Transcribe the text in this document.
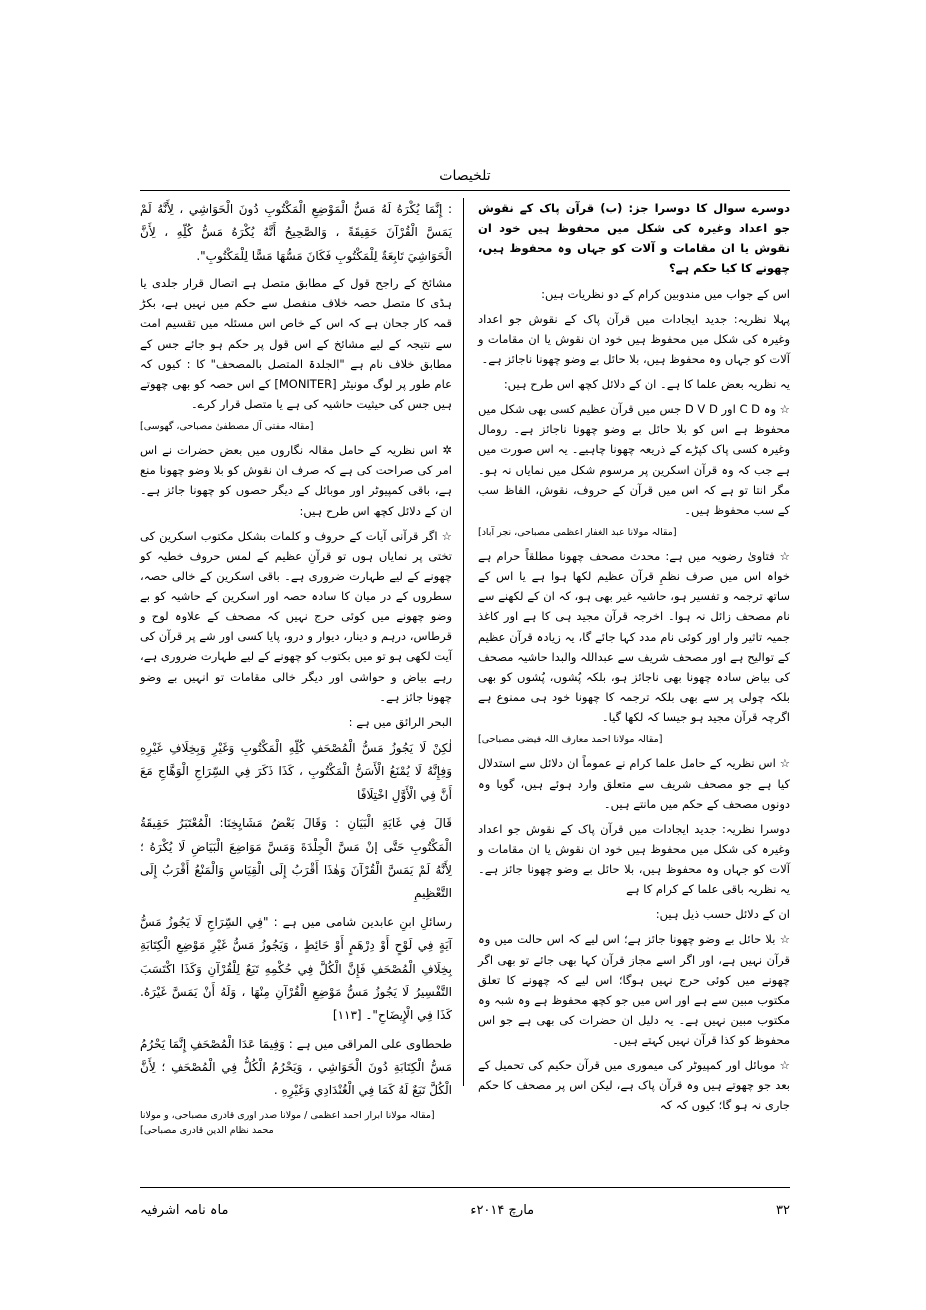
تلخیصات

دوسرے سوال کا دوسرا جز: (ب) قرآن پاک کے نقوش جو اعداد وغیرہ کی شکل میں محفوظ ہیں خود ان نقوش یا ان مقامات و آلات کو جہاں وہ محفوظ ہیں، چھونے کا کیا حکم ہے؟

اس کے جواب میں مندوبین کرام کے دو نظریات ہیں:

پہلا نظریہ: جدید ایجادات میں قرآن پاک کے نقوش جو اعداد وغیرہ کی شکل میں محفوظ ہیں خود ان نقوش یا ان مقامات و آلات کو جہاں وہ محفوظ ہیں، بلا حائل بے وضو چھونا ناجائز ہے۔

یہ نظریہ بعض علما کا ہے۔ ان کے دلائل کچھ اس طرح ہیں:

☆ وہ C D اور D V D جس میں قرآن عظیم کسی بھی شکل میں محفوظ ہے اس کو بلا حائل بے وضو چھونا ناجائز ہے۔ رومال وغیرہ کسی پاک کپڑے کے ذریعہ چھونا چاہیے۔ یہ اس صورت میں ہے جب کہ وہ قرآن اسکرین پر مرسوم شکل میں نمایاں نہ ہو۔ مگر انتا تو ہے کہ اس میں قرآن کے حروف، نقوش، الفاظ سب کے سب محفوظ ہیں۔

[مقالہ مولانا عبد الغفار اعظمی مصباحی، نجر آباد]

☆ فتاویٰ رضویہ میں ہے: محدث مصحف چھونا مطلقاً حرام ہے خواہ اس میں صرف نظمِ قرآن عظیم لکھا ہوا ہے یا اس کے ساتھ ترجمہ و تفسیر ہو، حاشیہ غیر بھی ہو، کہ ان کے لکھنے سے نام مصحف زائل نہ ہوا۔ اخرجہ قرآن مجید ہی کا ہے اور کاغذ جمیہ تاثیر وار اور کوئی نام مدد کہا جائے گا، یہ زیادہ قرآن عظیم کے توالیح ہے اور مصحف شریف سے عبداللہ والبدا حاشیہ مصحف کی بیاض سادہ چھونا بھی ناجائز ہو، بلکہ پُشوں، پُشوں کو بھی بلکہ چولی پر سے بھی بلکہ ترجمہ کا چھونا خود ہی ممنوع ہے اگرچہ قرآن مجید ہو جیسا کہ لکھا گیا۔

[مقالہ مولانا احمد معارف اللہ فیضی مصباحی]

☆ اس نظریہ کے حامل علما کرام نے عموماً ان دلائل سے استدلال کیا ہے جو مصحف شریف سے متعلق وارد ہوئے ہیں، گویا وہ دونوں مصحف کے حکم میں مانتے ہیں۔

دوسرا نظریہ: جدید ایجادات میں قرآن پاک کے نقوش جو اعداد وغیرہ کی شکل میں محفوظ ہیں خود ان نقوش یا ان مقامات و آلات کو جہاں وہ محفوظ ہیں، بلا حائل بے وضو چھونا جائز ہے۔ یہ نظریہ باقی علما کے کرام کا ہے

ان کے دلائل حسب ذیل ہیں:

☆ بلا حائل بے وضو چھونا جائز ہے؛ اس لیے کہ اس حالت میں وہ قرآن نہیں ہے، اور اگر اسے مجاز قرآن کہا بھی جائے تو بھی اگر چھونے میں کوئی حرج نہیں ہوگا؛ اس لیے کہ چھونے کا تعلق مکتوب مبین سے ہے اور اس میں جو کچھ محفوظ ہے وہ شبہ وہ مکتوب مبین نہیں ہے۔ یہ دلیل ان حضرات کی بھی ہے جو اس محفوظ کو کذا قرآن نہیں کہتے ہیں۔

☆ موبائل اور کمپیوٹر کی میموری میں قرآن حکیم کی تحمیل کے بعد جو چھوتے ہیں وہ قرآن پاک ہے، لیکن اس پر مصحف کا حکم جاری نہ ہو گا؛ کیوں کہ کہ

: إِنَّمَا يُكْرَهُ لَهُ مَسُّ الْمَوْضِعِ الْمَكْتُوبِ دُونَ الْحَوَاشِي ، لِأَنَّهُ لَمْ يَمَسَّ الْقُرْآنَ حَقِيقَةً ، وَالصَّحِيحُ أَنَّهُ يُكْرَهُ مَسُّ كُلِّهِ ، لِأَنَّ الْحَوَاشِيَ تَابِعَةٌ لِلْمَكْتُوبِ فَكَانَ مَسُّهَا مَسًّا لِلْمَكْتُوبِ".

مشائخ کے راجح قول کے مطابق متصل ہے اتصال قرار جلدی یا ہڈی کا متصل حصہ خلاف منفصل سے حکم میں نہیں ہے، بکڑ قمہ کار جحان ہے کہ اس کے خاص اس مسئلہ میں تقسیم امت سے نتیجہ کے لیے مشائخ کے اس قول پر حکم ہو جائے جس کے مطابق خلاف نام ہے "الجلدۃ المتصل بالمصحف" کا : کیوں کہ عام طور پر لوگ مونیٹر [MONITER] کے اس حصہ کو بھی چھوتے ہیں جس کی حیثیت حاشیہ کی ہے یا متصل قرار کرے۔

[مقالہ مفتی آل مصطفیٰ مصباحی، گھوسی]

✲ اس نظریہ کے حامل مقالہ نگاروں میں بعض حضرات نے اس امر کی صراحت کی ہے کہ صرف ان نقوش کو بلا وضو چھونا منع ہے، باقی کمپیوٹر اور موبائل کے دیگر حصوں کو چھونا جائز ہے۔ ان کے دلائل کچھ اس طرح ہیں:

☆ اگر قرآنی آیات کے حروف و کلمات بشکل مکتوب اسکرین کی تختی پر نمایاں ہوں تو قرآنِ عظیم کے لمس حروف خطیہ کو چھونے کے لیے طہارت ضروری ہے۔ باقی اسکرین کے خالی حصہ، سطروں کے در میان کا سادہ حصہ اور اسکرین کے حاشیہ کو بے وضو چھونے میں کوئی حرج نہیں کہ مصحف کے علاوہ لوح و قرطاس، درہم و دینار، دیوار و درو، پایا کسی اور شے پر قرآن کی آیت لکھی ہو تو میں بکتوب کو چھونے کے لیے طہارت ضروری ہے، رہے بیاض و حواشی اور دیگر خالی مقامات تو انہیں بے وضو چھونا جائز ہے۔

البحر الرائق میں ہے :

لٰكِنْ لَا يَجُوزُ مَسُّ الْمُصْحَفِ كُلِّهِ الْمَكْتُوبِ وَغَيْرِ وَبِخِلَافِ غَيْرِهِ وَفِإِنَّهُ لَا يُمْنَعُ الْأَسَنُّ الْمَكْتُوبِ ، كَذَا ذَكَرَ فِي السِّرَاجِ الْوَهَّاجِ مَعَ أَنَّ فِي الْأَوَّلِ اخْتِلَافًا

قَالَ فِي غَايَةِ الْبَيَانِ : وَقَالَ بَعْضُ مَشَايِخِنَا: الْمُعْتَبَرُ حَقِيقَةُ الْمَكْتُوبِ حَتَّى إنْ مَسَّ الْجِلْدَةَ وَمَسَّ مَوَاضِعَ الْبَيَاضِ لَا يُكْرَهُ ؛ لِأَنَّهُ لَمْ يَمَسَّ الْقُرْآنَ وَهٰذَا أَقْرَبُ إِلَى الْقِيَاسِ وَالْمَنْعُ أَقْرَبُ إِلَى التَّعْظِيمِ

رسائلِ ابنِ عابدین شامی میں ہے : "فِي السِّرَاجِ لَا يَجُوزُ مَسُّ آيَةٍ فِي لَوْحٍ أَوْ دِرْهَمٍ أَوْ حَائِطٍ ، وَيَجُوزُ مَسُّ غَيْرِ مَوْضِعِ الْكِتَابَةِ بِخِلَافِ الْمُصْحَفِ فَإِنَّ الْكُلَّ فِي حُكْمِهِ تَبَعٌ لِلْقُرْآنِ وَكَذَا اكْتَسَبَ التَّفْسِيرُ لَا يَجُوزُ مَسُّ مَوْضِعِ الْقُرْآنِ مِنْهَا ، وَلَهُ أَنْ يَمَسَّ غَيْرَهُ. كَذَا فِي الْإِيضَاحِ"۔ [۱۱۳]

طحطاوی علی المراقی میں ہے : وَفِيمَا عَدَا الْمُصْحَفِ إِنَّمَا يَحْرُمُ مَسُّ الْكِتَابَةِ دُونَ الْحَوَاشِي ، وَيَحْرُمُ الْكُلُّ فِي الْمُصْحَفِ ؛ لِأَنَّ الْكُلَّ تَبَعٌ لَهُ كَمَا فِي الْغُنْدَادِي وَغَيْرِهِ .

[مقالہ مولانا ابرار احمد اعظمی / مولانا صدر اوری قادری مصباحی، و مولانا محمد نظام الدین قادری مصباحی]

۳۲
مارچ ۲۰۱۴ء
ماہ نامہ اشرفیہ
